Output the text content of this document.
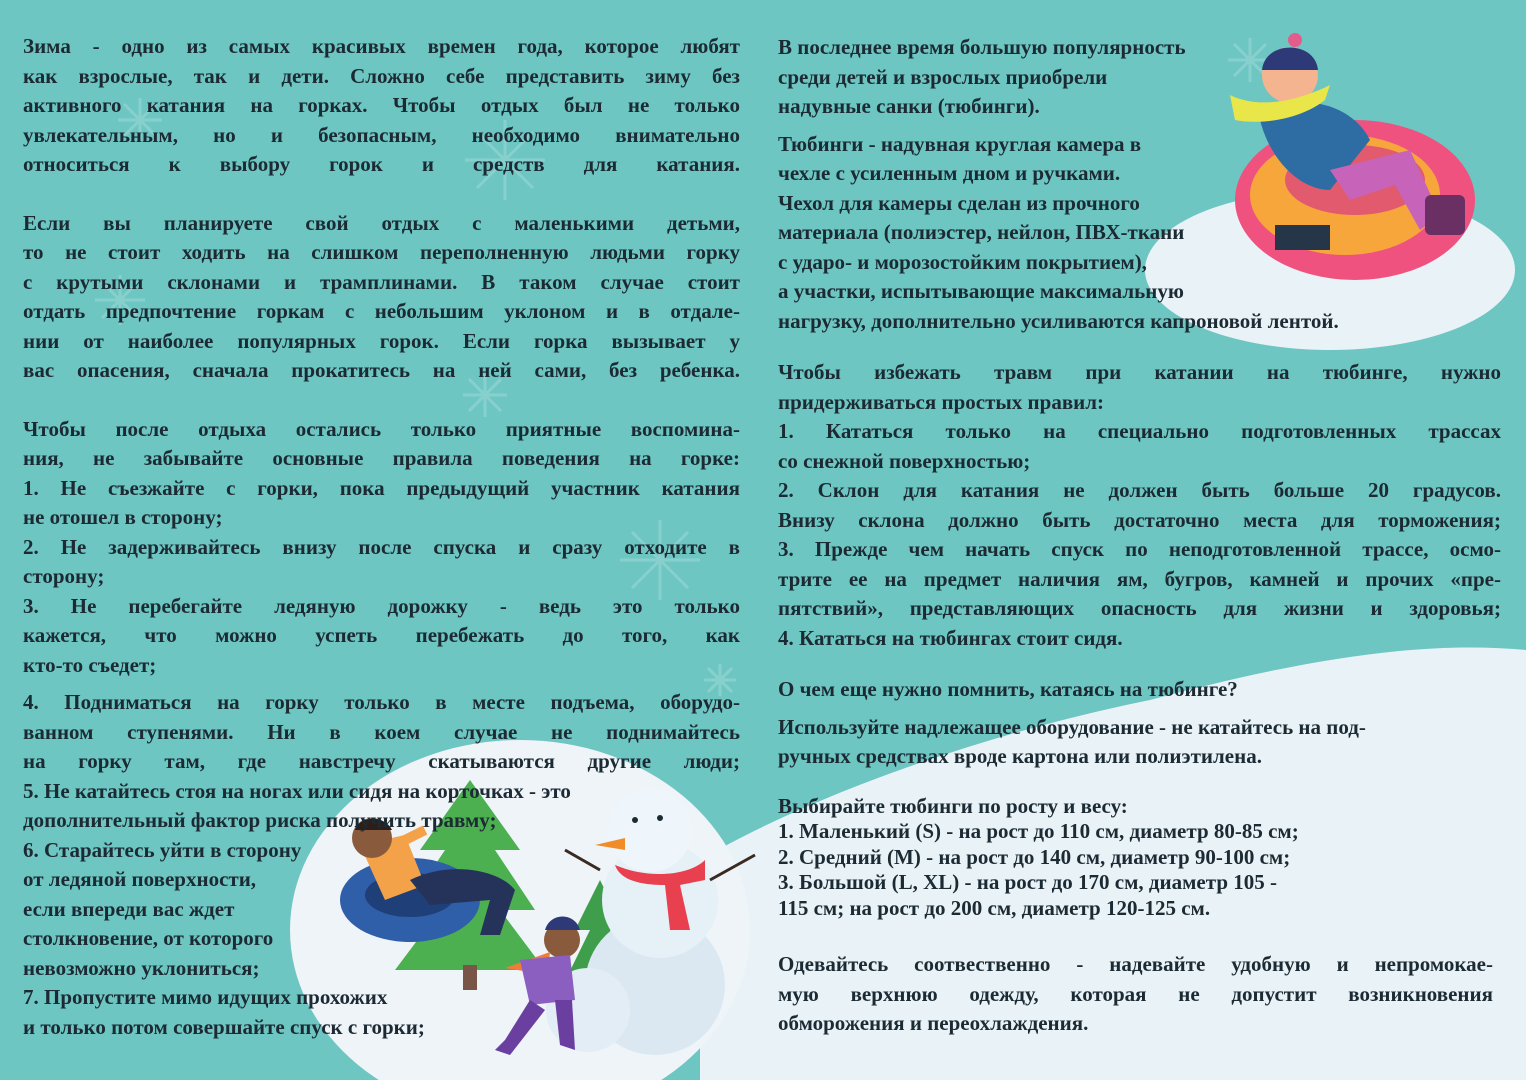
Зима - одно из самых красивых времен года, которое любят
как взрослые, так и дети. Сложно себе представить зиму без
активного катания на горках. Чтобы отдых был не только
увлекательным, но и безопасным, необходимо внимательно
относиться к выбору горок и средств для катания.
Если вы планируете свой отдых с маленькими детьми,
то не стоит ходить на слишком переполненную людьми горку
с крутыми склонами и трамплинами. В таком случае стоит
отдать предпочтение горкам с небольшим уклоном и в отдале-
нии от наиболее популярных горок. Если горка вызывает у
вас опасения, сначала прокатитесь на ней сами, без ребенка.
Чтобы после отдыха остались только приятные воспомина-
ния, не забывайте основные правила поведения на горке:
1. Не съезжайте с горки, пока предыдущий участник катания
не отошел в сторону;
2. Не задерживайтесь внизу после спуска и сразу отходите в
сторону;
3. Не перебегайте ледяную дорожку - ведь это только
кажется, что можно успеть перебежать до того, как
кто-то съедет;
4. Подниматься на горку только в месте подъема, оборудо-
ванном ступенями. Ни в коем случае не поднимайтесь
на горку там, где навстречу скатываются другие люди;
5. Не катайтесь стоя на ногах или сидя на корточках - это
дополнительный фактор риска получить травму;
6. Старайтесь уйти в сторону
от ледяной поверхности,
если впереди вас ждет
столкновение, от которого
невозможно уклониться;
7. Пропустите мимо идущих прохожих
и только потом совершайте спуск с горки;
В последнее время большую популярность
среди детей и взрослых приобрели
надувные санки (тюбинги).
Тюбинги - надувная круглая камера в
чехле с усиленным дном и ручками.
Чехол для камеры сделан из прочного
материала (полиэстер, нейлон, ПВХ-ткани
с ударо- и морозостойким покрытием),
а участки, испытывающие максимальную
нагрузку, дополнительно усиливаются капроновой лентой.
Чтобы избежать травм при катании на тюбинге, нужно
придерживаться простых правил:
1. Кататься только на специально подготовленных трассах
со снежной поверхностью;
2. Склон для катания не должен быть больше 20 градусов.
Внизу склона должно быть достаточно места для торможения;
3. Прежде чем начать спуск по неподготовленной трассе, осмо-
трите ее на предмет наличия ям, бугров, камней и прочих «пре-
пятствий», представляющих опасность для жизни и здоровья;
4. Кататься на тюбингах стоит сидя.
О чем еще нужно помнить, катаясь на тюбинге?
Используйте надлежащее оборудование - не катайтесь на под-
ручных средствах вроде картона или полиэтилена.
Выбирайте тюбинги по росту и весу:
1. Маленький (S) - на рост до 110 см, диаметр 80-85 см;
2. Средний (M) - на рост до 140 см, диаметр 90-100 см;
3. Большой (L, XL) - на рост до 170 см, диаметр 105 -
115 см; на рост до 200 см, диаметр 120-125 см.
Одевайтесь соотвественно - надевайте удобную и непромокае-
мую верхнюю одежду, которая не допустит возникновения
обморожения и переохлаждения.
